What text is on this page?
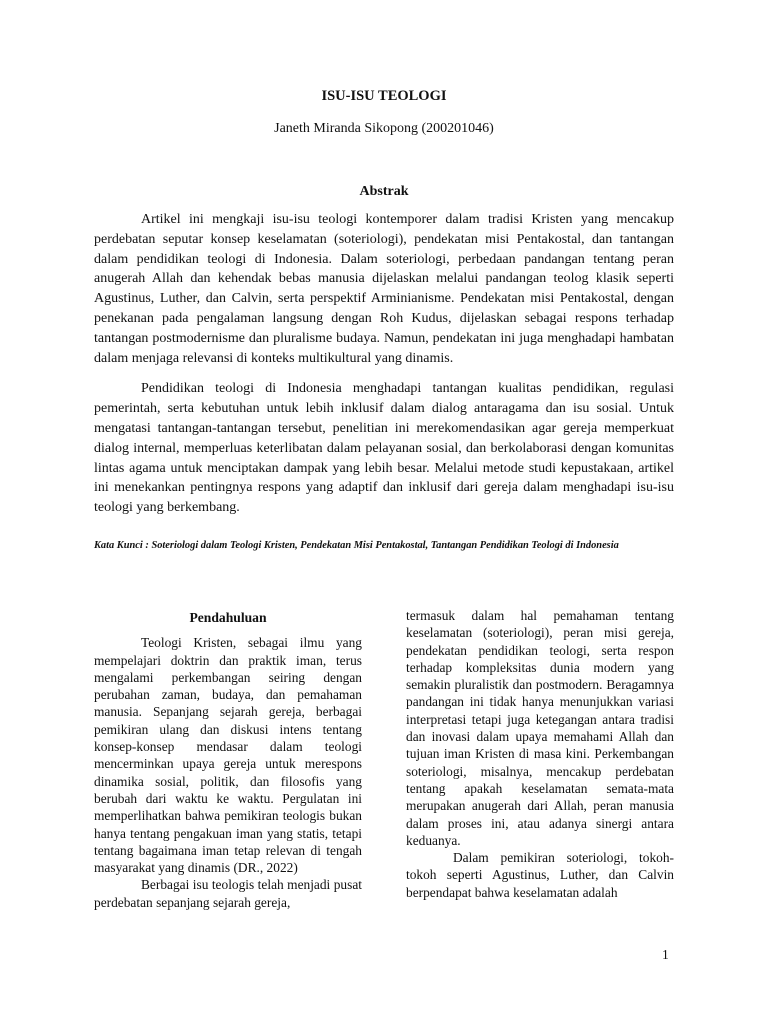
ISU-ISU TEOLOGI
Janeth Miranda Sikopong (200201046)
Abstrak

Artikel ini mengkaji isu-isu teologi kontemporer dalam tradisi Kristen yang mencakup perdebatan seputar konsep keselamatan (soteriologi), pendekatan misi Pentakostal, dan tantangan dalam pendidikan teologi di Indonesia. Dalam soteriologi, perbedaan pandangan tentang peran anugerah Allah dan kehendak bebas manusia dijelaskan melalui pandangan teolog klasik seperti Agustinus, Luther, dan Calvin, serta perspektif Arminianisme. Pendekatan misi Pentakostal, dengan penekanan pada pengalaman langsung dengan Roh Kudus, dijelaskan sebagai respons terhadap tantangan postmodernisme dan pluralisme budaya. Namun, pendekatan ini juga menghadapi hambatan dalam menjaga relevansi di konteks multikultural yang dinamis.

Pendidikan teologi di Indonesia menghadapi tantangan kualitas pendidikan, regulasi pemerintah, serta kebutuhan untuk lebih inklusif dalam dialog antaragama dan isu sosial. Untuk mengatasi tantangan-tantangan tersebut, penelitian ini merekomendasikan agar gereja memperkuat dialog internal, memperluas keterlibatan dalam pelayanan sosial, dan berkolaborasi dengan komunitas lintas agama untuk menciptakan dampak yang lebih besar. Melalui metode studi kepustakaan, artikel ini menekankan pentingnya respons yang adaptif dan inklusif dari gereja dalam menghadapi isu-isu teologi yang berkembang.

Kata Kunci : Soteriologi dalam Teologi Kristen, Pendekatan Misi Pentakostal, Tantangan Pendidikan Teologi di Indonesia
Pendahuluan

Teologi Kristen, sebagai ilmu yang mempelajari doktrin dan praktik iman, terus mengalami perkembangan seiring dengan perubahan zaman, budaya, dan pemahaman manusia. Sepanjang sejarah gereja, berbagai pemikiran ulang dan diskusi intens tentang konsep-konsep mendasar dalam teologi mencerminkan upaya gereja untuk merespons dinamika sosial, politik, dan filosofis yang berubah dari waktu ke waktu. Pergulatan ini memperlihatkan bahwa pemikiran teologis bukan hanya tentang pengakuan iman yang statis, tetapi tentang bagaimana iman tetap relevan di tengah masyarakat yang dinamis (DR., 2022)

Berbagai isu teologis telah menjadi pusat perdebatan sepanjang sejarah gereja,

termasuk dalam hal pemahaman tentang keselamatan (soteriologi), peran misi gereja, pendekatan pendidikan teologi, serta respon terhadap kompleksitas dunia modern yang semakin pluralistik dan postmodern. Beragamnya pandangan ini tidak hanya menunjukkan variasi interpretasi tetapi juga ketegangan antara tradisi dan inovasi dalam upaya memahami Allah dan tujuan iman Kristen di masa kini. Perkembangan soteriologi, misalnya, mencakup perdebatan tentang apakah keselamatan semata-mata merupakan anugerah dari Allah, peran manusia dalam proses ini, atau adanya sinergi antara keduanya.

Dalam pemikiran soteriologi, tokoh-tokoh seperti Agustinus, Luther, dan Calvin berpendapat bahwa keselamatan adalah

1
